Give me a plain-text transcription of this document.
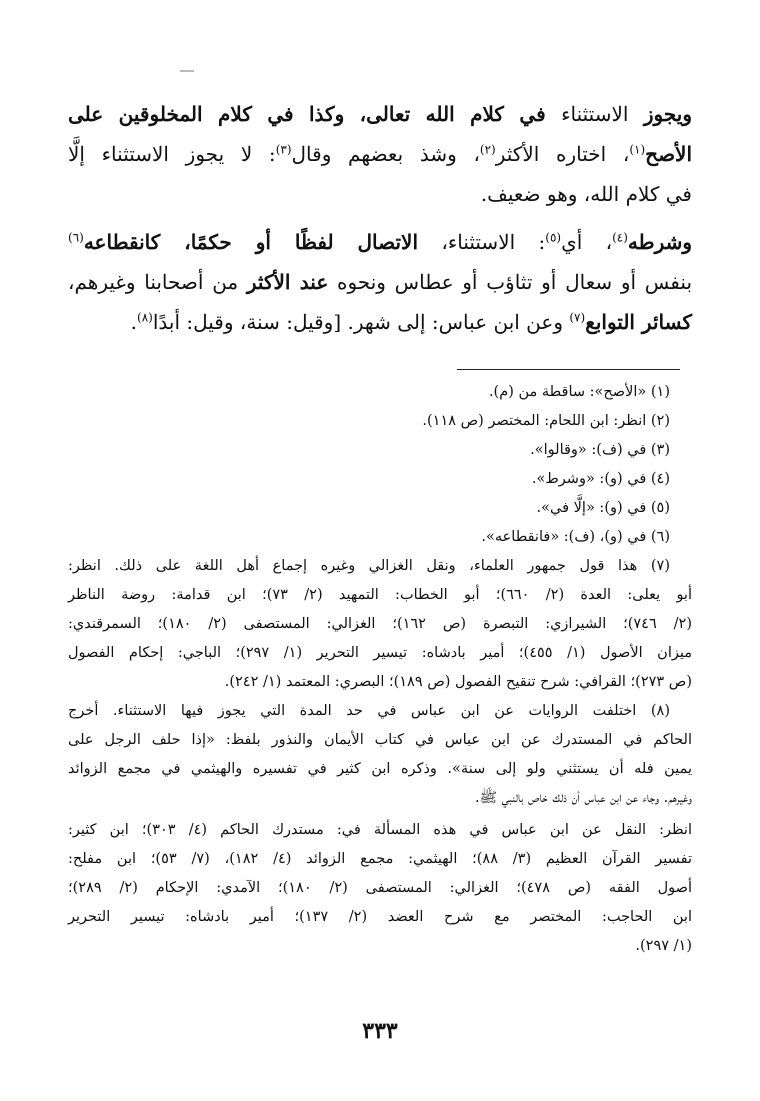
ويجوز الاستثناء في كلام الله تعالى، وكذا في كلام المخلوقين على
الأصح$^{(١)}$، اختاره الأكثر$^{(٢)}$، وشذ بعضهم وقال$^{(٣)}$: لا يجوز الاستثناء إلَّا
في كلام الله، وهو ضعيف.

وشرطه$^{(٤)}$، أي$^{(٥)}$: الاستثناء، الاتصال لفظًا أو حكمًا، كانقطاعه$^{(٦)}$
بنفس أو سعال أو تثاؤب أو عطاس ونحوه عند الأكثر من أصحابنا وغيرهم،
كسائر التوابع$^{(٧)}$ وعن ابن عباس: إلى شهر. [وقيل: سنة، وقيل: أبدًا$^{(٨)}$.

(١) «الأصح»: ساقطة من (م).

(٢) انظر: ابن اللحام: المختصر (ص ١١٨).

(٣) في (ف): «وقالوا».

(٤) في (و): «وشرط».

(٥) في (و): «إلَّا في».

(٦) في (و)، (ف): «فانقطاعه».

(٧) هذا قول جمهور العلماء، ونقل الغزالي وغيره إجماع أهل اللغة على ذلك. انظر:
أبو يعلى: العدة (٢/ ٦٦٠)؛ أبو الخطاب: التمهيد (٢/ ٧٣)؛ ابن قدامة: روضة الناظر
(٢/ ٧٤٦)؛ الشيرازي: التبصرة (ص ١٦٢)؛ الغزالي: المستصفى (٢/ ١٨٠)؛ السمرقندي:
ميزان الأصول (١/ ٤٥٥)؛ أمير بادشاه: تيسير التحرير (١/ ٢٩٧)؛ الباجي: إحكام الفصول
(ص ٢٧٣)؛ القرافي: شرح تنقيح الفصول (ص ١٨٩)؛ البصري: المعتمد (١/ ٢٤٢).

(٨) اختلفت الروايات عن ابن عباس في حد المدة التي يجوز فيها الاستثناء. أخرج
الحاكم في المستدرك عن ابن عباس في كتاب الأيمان والنذور بلفظ: «إذا حلف الرجل على
يمين فله أن يستثني ولو إلى سنة». وذكره ابن كثير في تفسيره والهيثمي في مجمع الزوائد
وغيرهم. وجاء عن ابن عباس أن ذلك خاص بالنبي ﷺ.

انظر: النقل عن ابن عباس في هذه المسألة في: مستدرك الحاكم (٤/ ٣٠٣)؛ ابن كثير:
تفسير القرآن العظيم (٣/ ٨٨)؛ الهيثمي: مجمع الزوائد (٤/ ١٨٢)، (٧/ ٥٣)؛ ابن مفلح:
أصول الفقه (ص ٤٧٨)؛ الغزالي: المستصفى (٢/ ١٨٠)؛ الآمدي: الإحكام (٢/ ٢٨٩)؛
ابن الحاجب: المختصر مع شرح العضد (٢/ ١٣٧)؛ أمير بادشاه: تيسير التحرير
(١/ ٢٩٧).

٣٣٣
